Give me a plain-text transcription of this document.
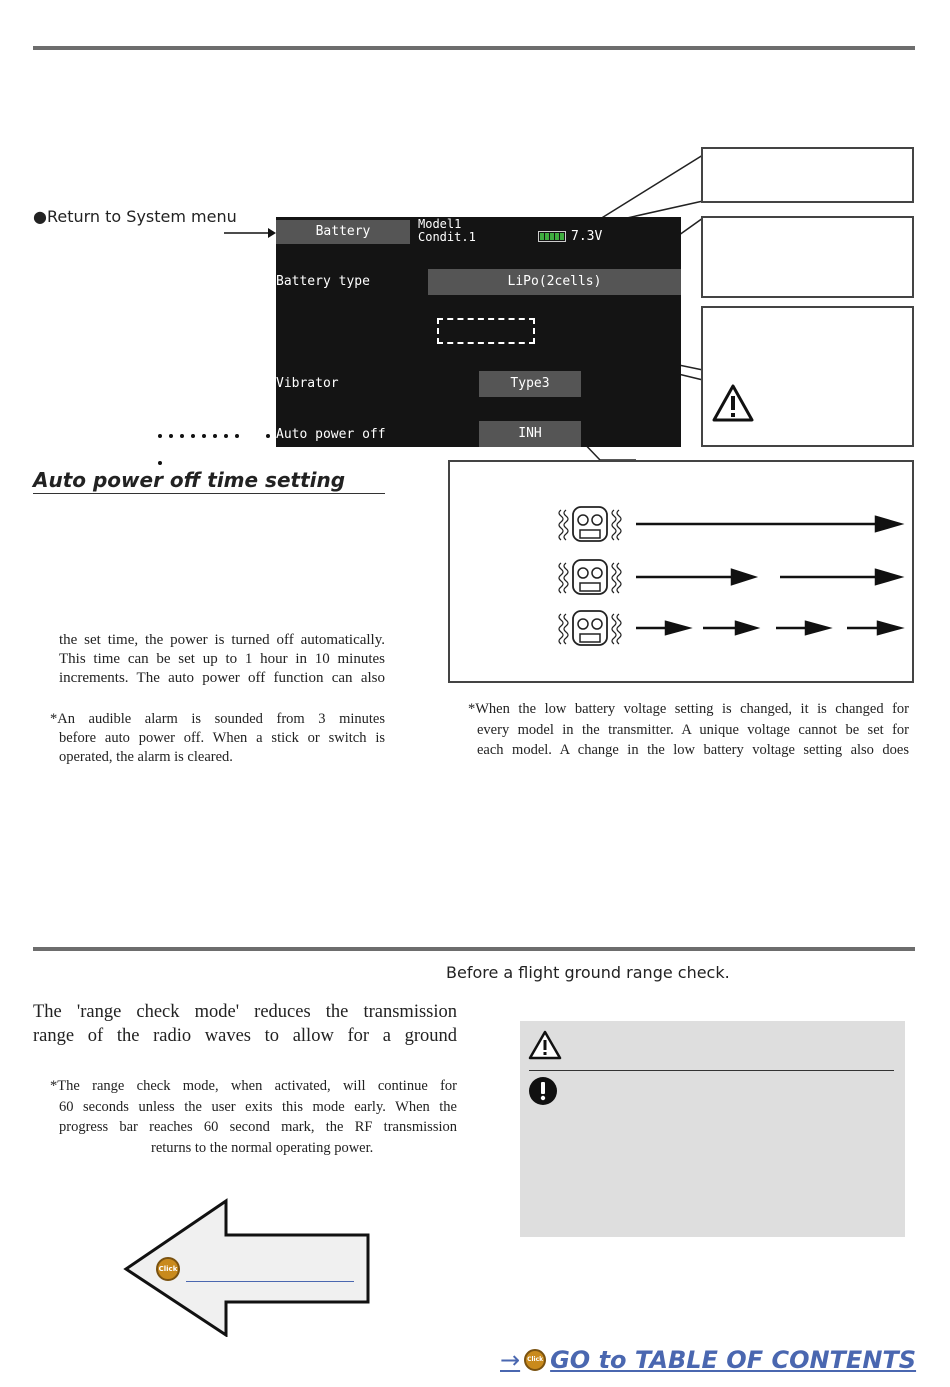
●Return to System menu
Battery	Model1
Condit.1	7.3V
Battery type	LiPo(2cells)
Vibrator	Type3
Auto power off	INH
Auto power off time setting
the set time, the power is turned off automatically.
This time can be set up to 1 hour in 10 minutes
increments. The auto power off function can also
*An audible alarm is sounded from 3 minutes
before auto power off. When a stick or switch is
operated, the alarm is cleared.
*When the low battery voltage setting is changed, it is changed for
every model in the transmitter. A unique voltage cannot be set for
each model. A change in the low battery voltage setting also does
Before a flight ground range check.
The 'range check mode' reduces the transmission
range of the radio waves to allow for a ground
*The range check mode, when activated, will continue for
60 seconds unless the user exits this mode early. When the
progress bar reaches 60 second mark, the RF transmission
returns to the normal operating power.
Click
→	Click GO to TABLE OF CONTENTS
